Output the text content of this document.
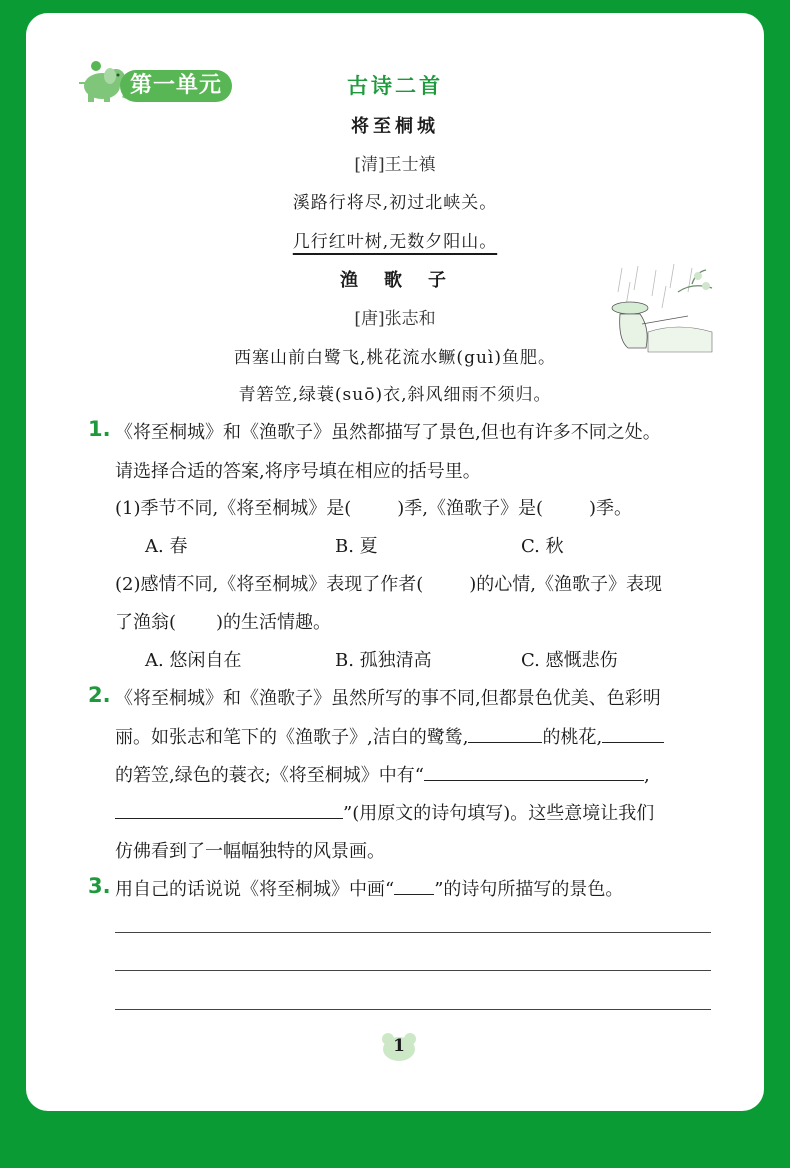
第一单元	古诗二首
将至桐城
[清]王士禛
溪路行将尽,初过北峡关。
几行红叶树,无数夕阳山。
渔　歌　子
[唐]张志和
西塞山前白鹭飞,桃花流水鳜(guì)鱼肥。
青箬笠,绿蓑(suō)衣,斜风细雨不须归。
1. 《将至桐城》和《渔歌子》虽然都描写了景色,但也有许多不同之处。
请选择合适的答案,将序号填在相应的括号里。
(1)季节不同,《将至桐城》是(	)季,《渔歌子》是(	)季。
A. 春	B. 夏	C. 秋
(2)感情不同,《将至桐城》表现了作者(	)的心情,《渔歌子》表现
了渔翁( )的生活情趣。
A. 悠闲自在	B. 孤独清高	C. 感慨悲伤
2. 《将至桐城》和《渔歌子》虽然所写的事不同,但都景色优美、色彩明
丽。如张志和笔下的《渔歌子》,洁白的鹭鸶,	的桃花,
的箬笠,绿色的蓑衣;《将至桐城》中有“	,
”(用原文的诗句填写)。这些意境让我们
仿佛看到了一幅幅独特的风景画。
3. 用自己的话说说《将至桐城》中画“ ”的诗句所描写的景色。
1
